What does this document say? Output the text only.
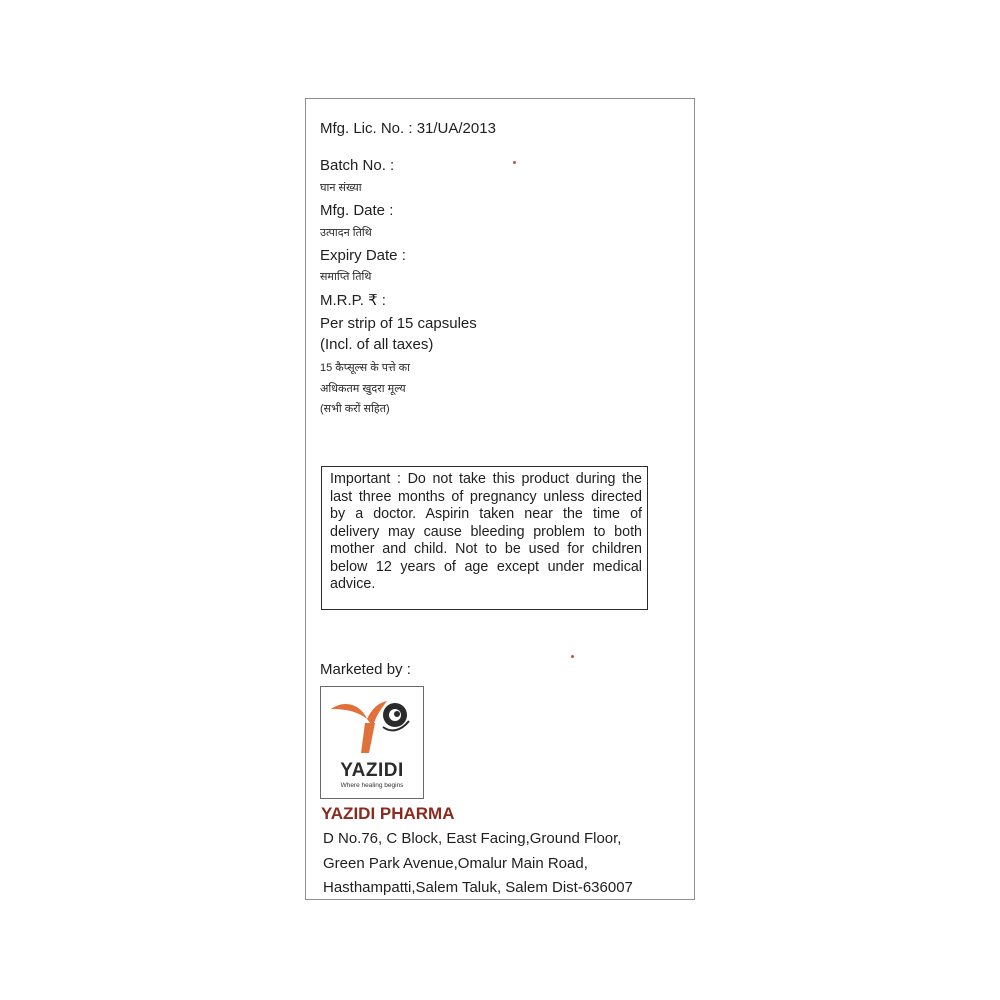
Mfg. Lic. No. : 31/UA/2013
Batch No. :
घान संख्या
Mfg. Date :
उत्पादन तिथि
Expiry Date :
समाप्ति तिथि
M.R.P. ₹ :
Per strip of 15 capsules
(Incl. of all taxes)
15 कैप्सूल्स के पत्ते का
अधिकतम खुदरा मूल्य
(सभी करों सहित)
Important : Do not take this product during the last three months of pregnancy unless directed by a doctor. Aspirin taken near the time of delivery may cause bleeding problem to both mother and child. Not to be used for children below 12 years of age except under medical advice.
Marketed by :
YAZIDI
Where healing begins
YAZIDI PHARMA
D No.76, C Block, East Facing,Ground Floor,
Green Park Avenue,Omalur Main Road,
Hasthampatti,Salem Taluk, Salem Dist-636007
